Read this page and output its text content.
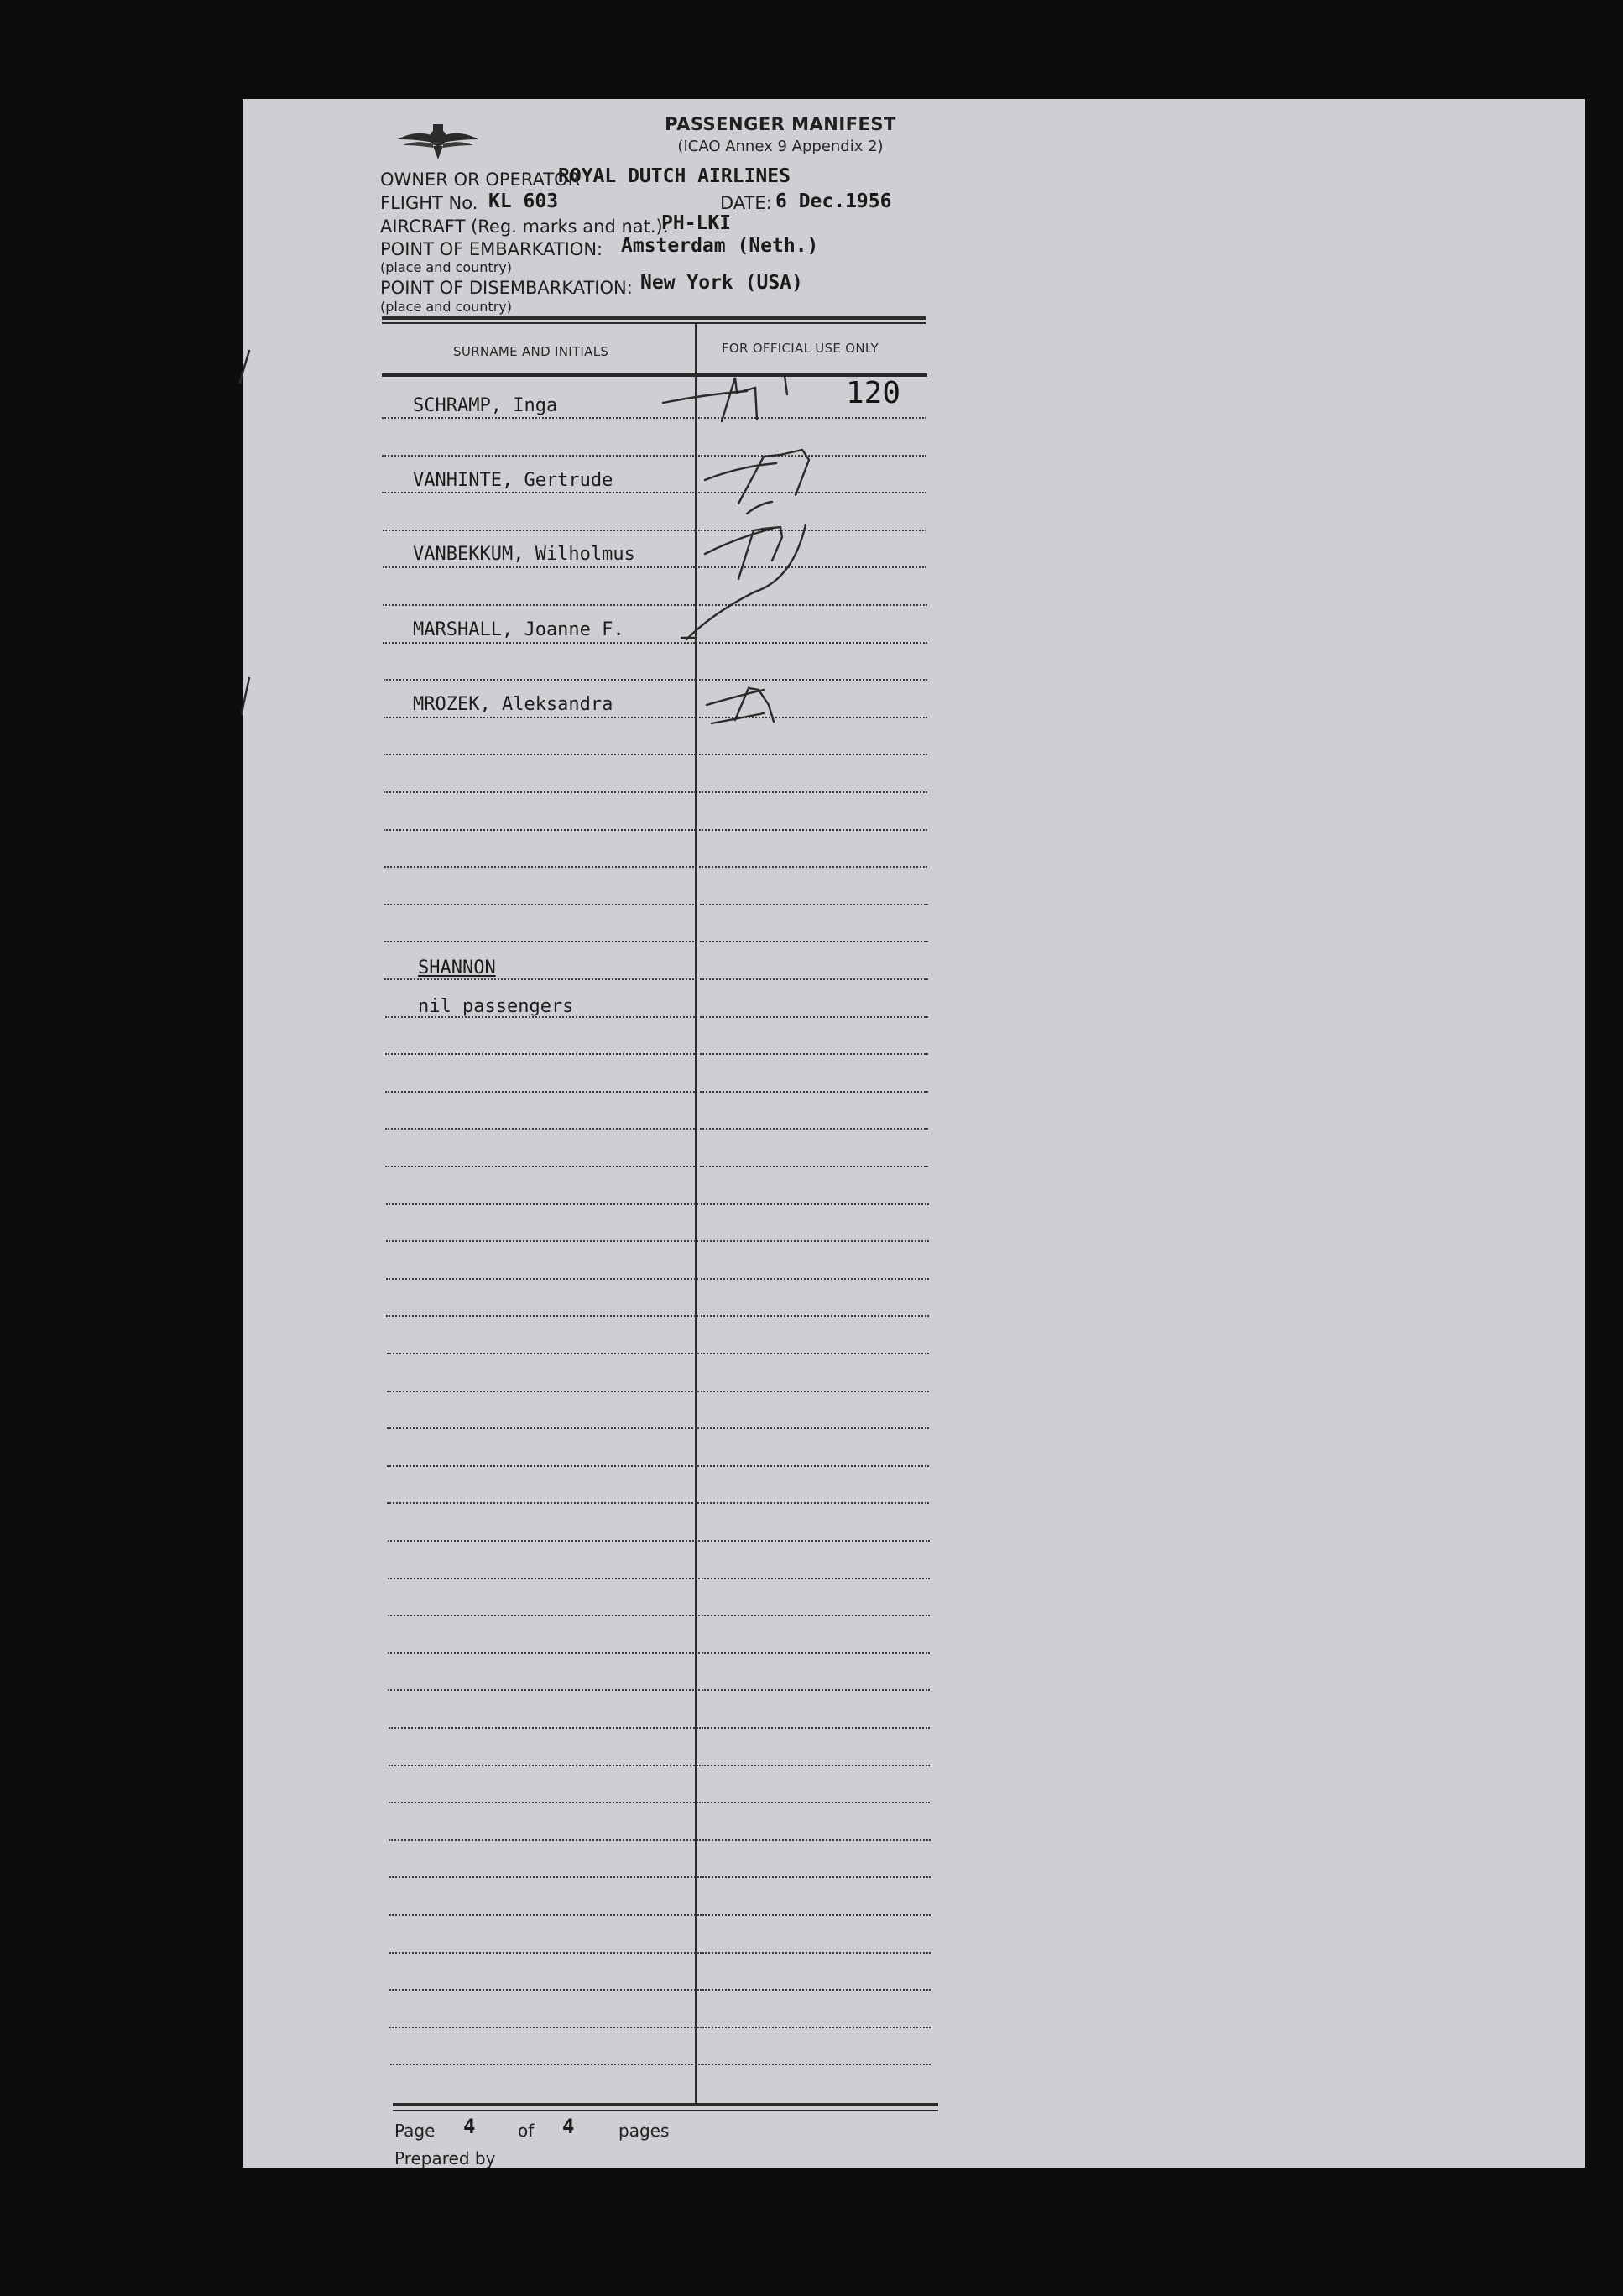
PASSENGER MANIFEST
(ICAO Annex 9 Appendix 2)
OWNER OR OPERATOR
ROYAL DUTCH AIRLINES
FLIGHT No. KL 603	DATE: 6 Dec.1956
AIRCRAFT (Reg. marks and nat.):
PH-LKI
POINT OF EMBARKATION: Amsterdam (Neth.)
(place and country)
POINT OF DISEMBARKATION: New York (USA)
(place and country)
SURNAME AND INITIALS	FOR OFFICIAL USE ONLY
120
SCHRAMP, Inga
VANHINTE, Gertrude
VANBEKKUM, Wilholmus
MARSHALL, Joanne F.
MROZEK, Aleksandra
SHANNON
nil passengers
Page 4	of 4	pages
Prepared by
